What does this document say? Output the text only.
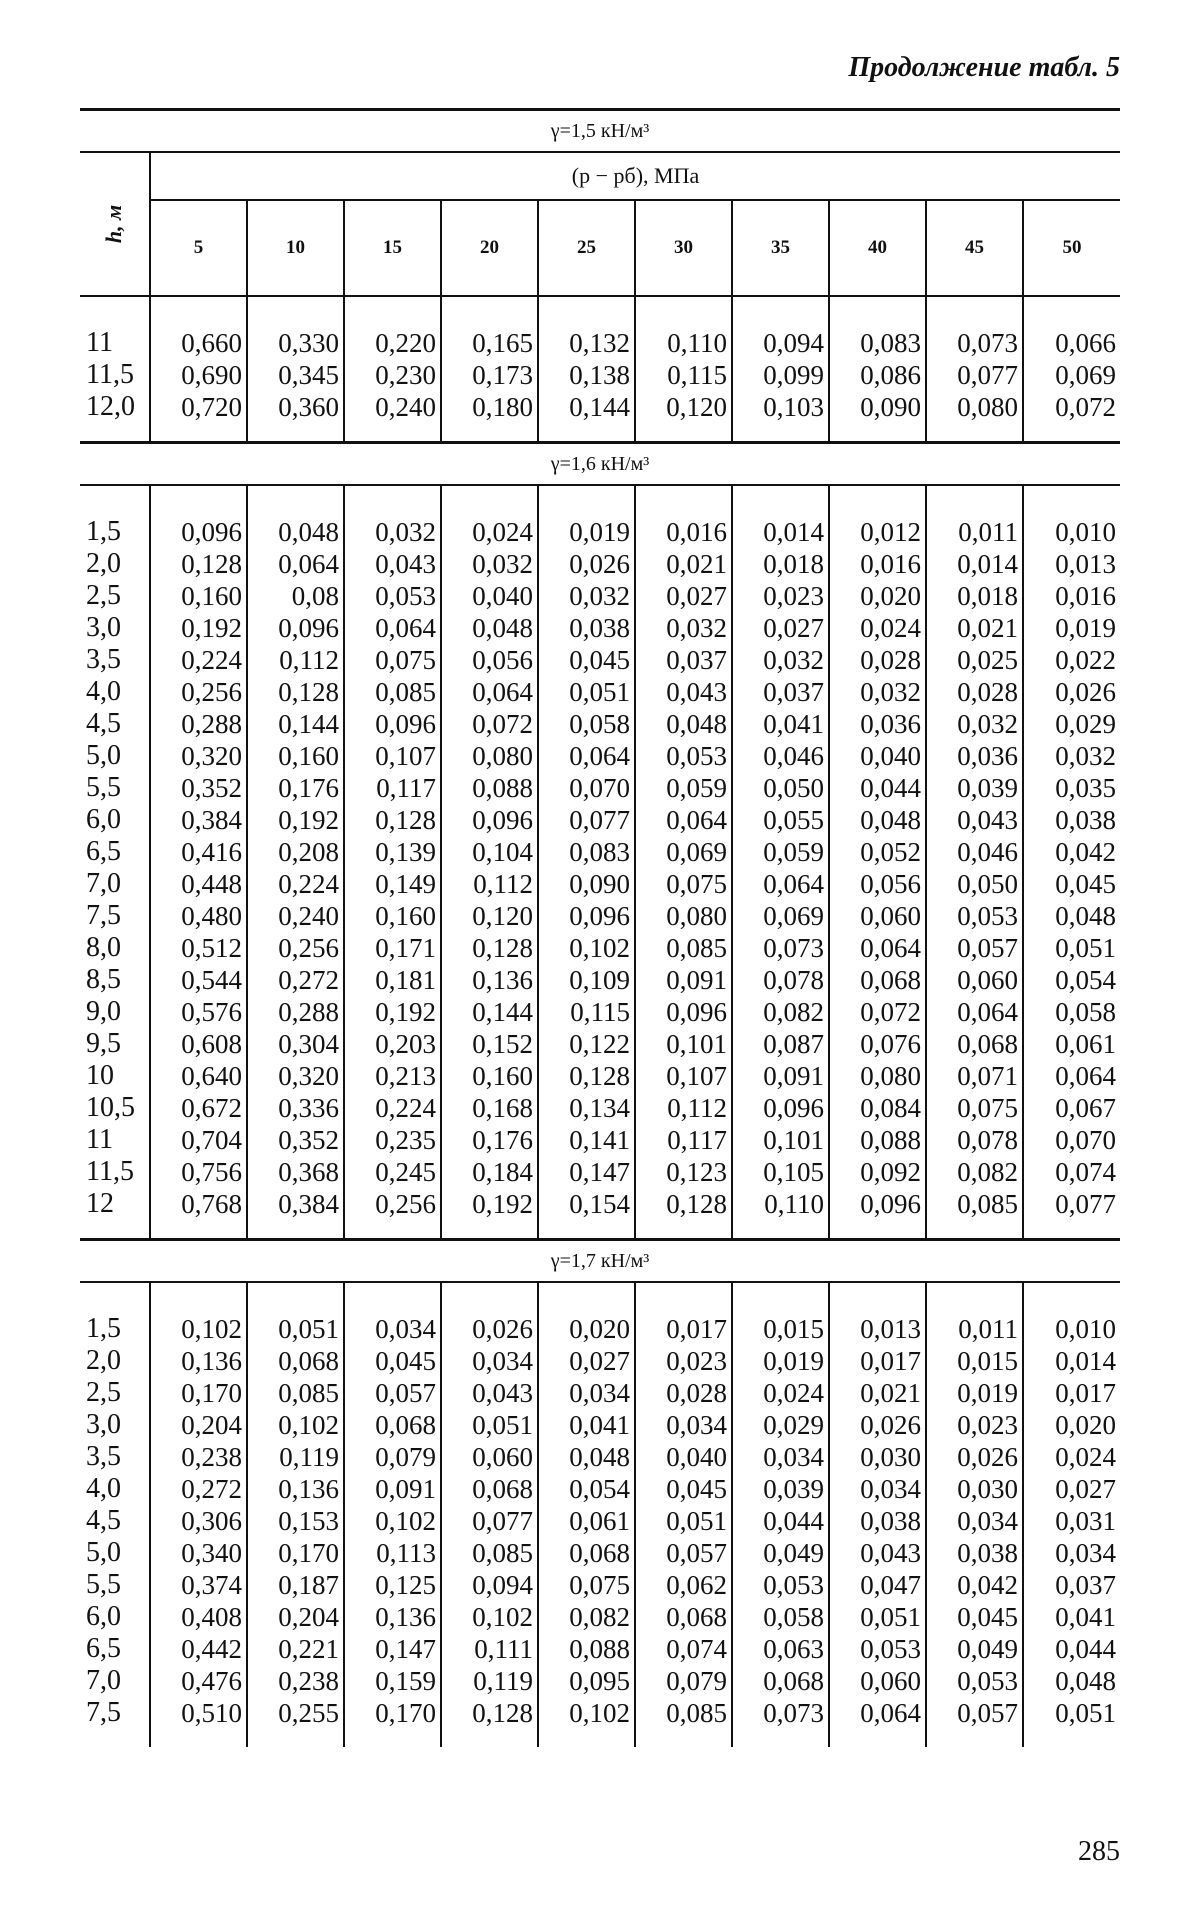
Продолжение табл. 5
γ=1,5 кН/м³
h, м	(p − pб), МПа									
	5	10	15	20	25	30	35	40	45	50

11	0,660	0,330	0,220	0,165	0,132	0,110	0,094	0,083	0,073	0,066
11,5	0,690	0,345	0,230	0,173	0,138	0,115	0,099	0,086	0,077	0,069
12,0	0,720	0,360	0,240	0,180	0,144	0,120	0,103	0,090	0,080	0,072

γ=1,6 кН/м³

1,5	0,096	0,048	0,032	0,024	0,019	0,016	0,014	0,012	0,011	0,010
2,0	0,128	0,064	0,043	0,032	0,026	0,021	0,018	0,016	0,014	0,013
2,5	0,160	0,08	0,053	0,040	0,032	0,027	0,023	0,020	0,018	0,016
3,0	0,192	0,096	0,064	0,048	0,038	0,032	0,027	0,024	0,021	0,019
3,5	0,224	0,112	0,075	0,056	0,045	0,037	0,032	0,028	0,025	0,022
4,0	0,256	0,128	0,085	0,064	0,051	0,043	0,037	0,032	0,028	0,026
4,5	0,288	0,144	0,096	0,072	0,058	0,048	0,041	0,036	0,032	0,029
5,0	0,320	0,160	0,107	0,080	0,064	0,053	0,046	0,040	0,036	0,032
5,5	0,352	0,176	0,117	0,088	0,070	0,059	0,050	0,044	0,039	0,035
6,0	0,384	0,192	0,128	0,096	0,077	0,064	0,055	0,048	0,043	0,038
6,5	0,416	0,208	0,139	0,104	0,083	0,069	0,059	0,052	0,046	0,042
7,0	0,448	0,224	0,149	0,112	0,090	0,075	0,064	0,056	0,050	0,045
7,5	0,480	0,240	0,160	0,120	0,096	0,080	0,069	0,060	0,053	0,048
8,0	0,512	0,256	0,171	0,128	0,102	0,085	0,073	0,064	0,057	0,051
8,5	0,544	0,272	0,181	0,136	0,109	0,091	0,078	0,068	0,060	0,054
9,0	0,576	0,288	0,192	0,144	0,115	0,096	0,082	0,072	0,064	0,058
9,5	0,608	0,304	0,203	0,152	0,122	0,101	0,087	0,076	0,068	0,061
10	0,640	0,320	0,213	0,160	0,128	0,107	0,091	0,080	0,071	0,064
10,5	0,672	0,336	0,224	0,168	0,134	0,112	0,096	0,084	0,075	0,067
11	0,704	0,352	0,235	0,176	0,141	0,117	0,101	0,088	0,078	0,070
11,5	0,756	0,368	0,245	0,184	0,147	0,123	0,105	0,092	0,082	0,074
12	0,768	0,384	0,256	0,192	0,154	0,128	0,110	0,096	0,085	0,077

γ=1,7 кН/м³

1,5	0,102	0,051	0,034	0,026	0,020	0,017	0,015	0,013	0,011	0,010
2,0	0,136	0,068	0,045	0,034	0,027	0,023	0,019	0,017	0,015	0,014
2,5	0,170	0,085	0,057	0,043	0,034	0,028	0,024	0,021	0,019	0,017
3,0	0,204	0,102	0,068	0,051	0,041	0,034	0,029	0,026	0,023	0,020
3,5	0,238	0,119	0,079	0,060	0,048	0,040	0,034	0,030	0,026	0,024
4,0	0,272	0,136	0,091	0,068	0,054	0,045	0,039	0,034	0,030	0,027
4,5	0,306	0,153	0,102	0,077	0,061	0,051	0,044	0,038	0,034	0,031
5,0	0,340	0,170	0,113	0,085	0,068	0,057	0,049	0,043	0,038	0,034
5,5	0,374	0,187	0,125	0,094	0,075	0,062	0,053	0,047	0,042	0,037
6,0	0,408	0,204	0,136	0,102	0,082	0,068	0,058	0,051	0,045	0,041
6,5	0,442	0,221	0,147	0,111	0,088	0,074	0,063	0,053	0,049	0,044
7,0	0,476	0,238	0,159	0,119	0,095	0,079	0,068	0,060	0,053	0,048
7,5	0,510	0,255	0,170	0,128	0,102	0,085	0,073	0,064	0,057	0,051

285
